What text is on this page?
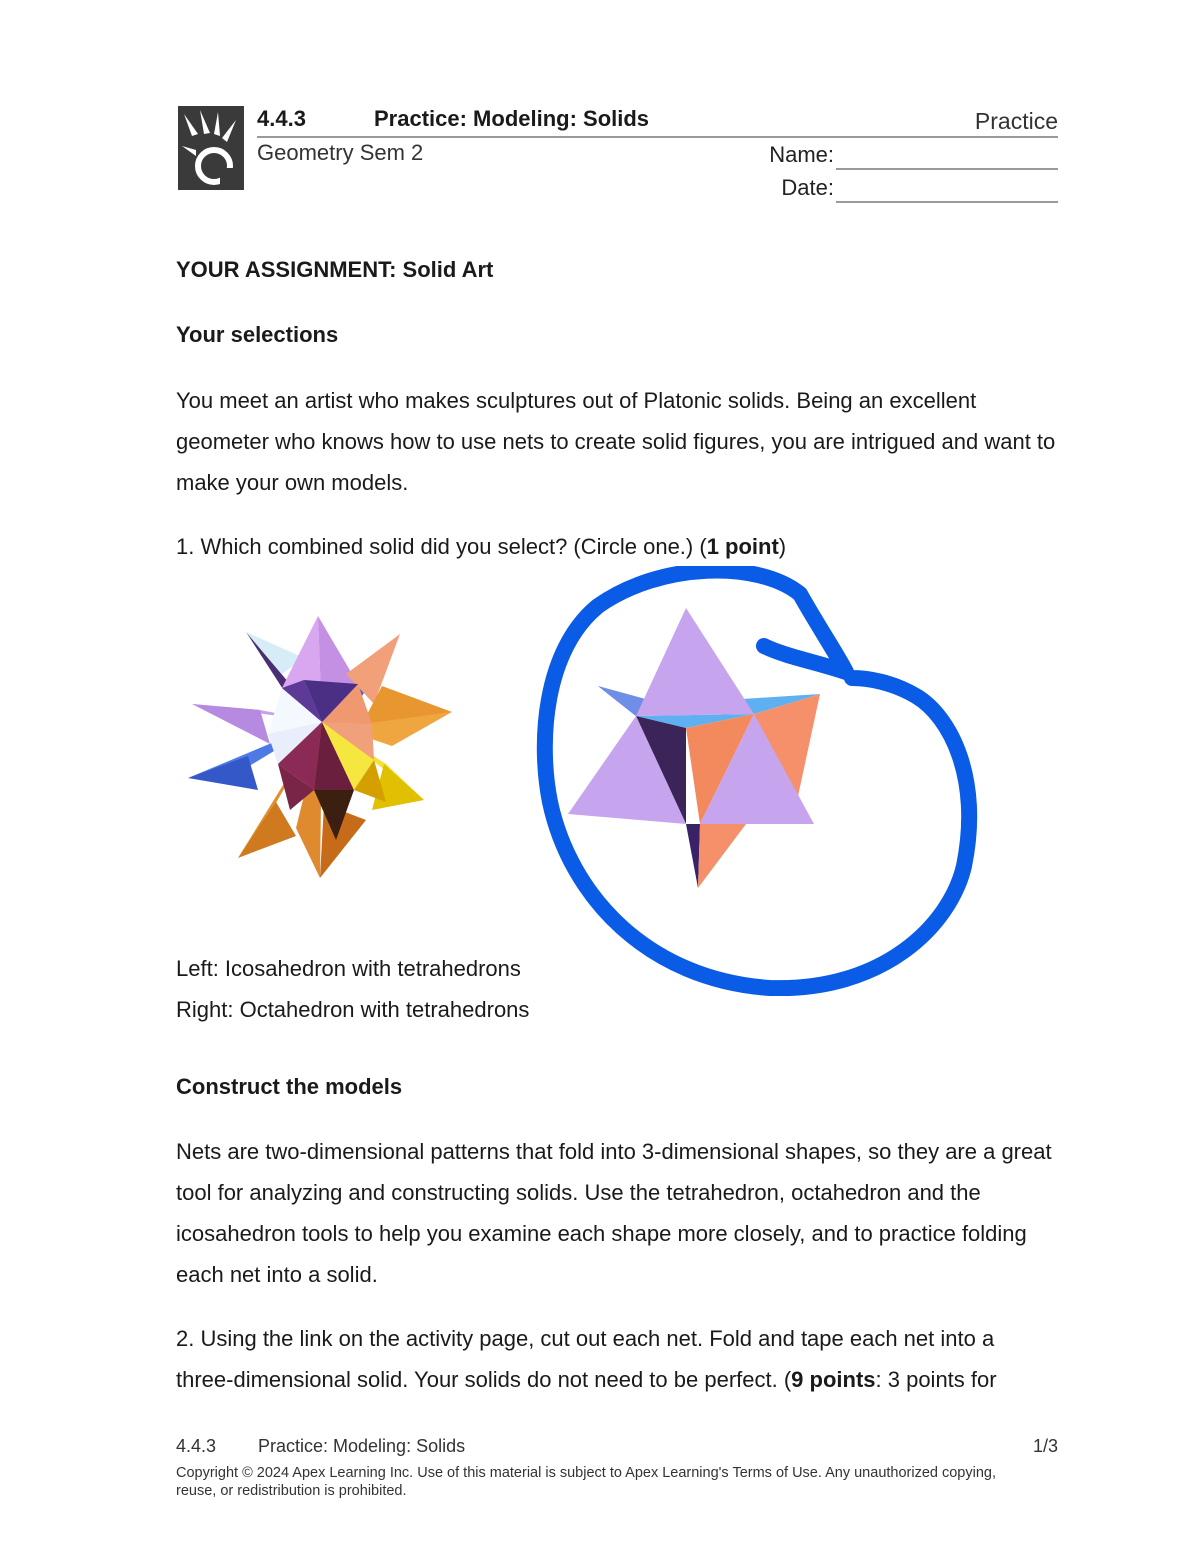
4.4.3	Practice: Modeling: Solids	Practice
Geometry Sem 2	Name:
Date:
YOUR ASSIGNMENT: Solid Art
Your selections
You meet an artist who makes sculptures out of Platonic solids. Being an excellent geometer who knows how to use nets to create solid figures, you are intrigued and want to make your own models.
1. Which combined solid did you select? (Circle one.) (1 point)
Left: Icosahedron with tetrahedrons
Right: Octahedron with tetrahedrons
Construct the models
Nets are two-dimensional patterns that fold into 3-dimensional shapes, so they are a great tool for analyzing and constructing solids. Use the tetrahedron, octahedron and the icosahedron tools to help you examine each shape more closely, and to practice folding each net into a solid.
2. Using the link on the activity page, cut out each net. Fold and tape each net into a three-dimensional solid. Your solids do not need to be perfect. (9 points: 3 points for
4.4.3 Practice: Modeling: Solids	1/3
Copyright © 2024 Apex Learning Inc. Use of this material is subject to Apex Learning's Terms of Use. Any unauthorized copying, reuse, or redistribution is prohibited.
